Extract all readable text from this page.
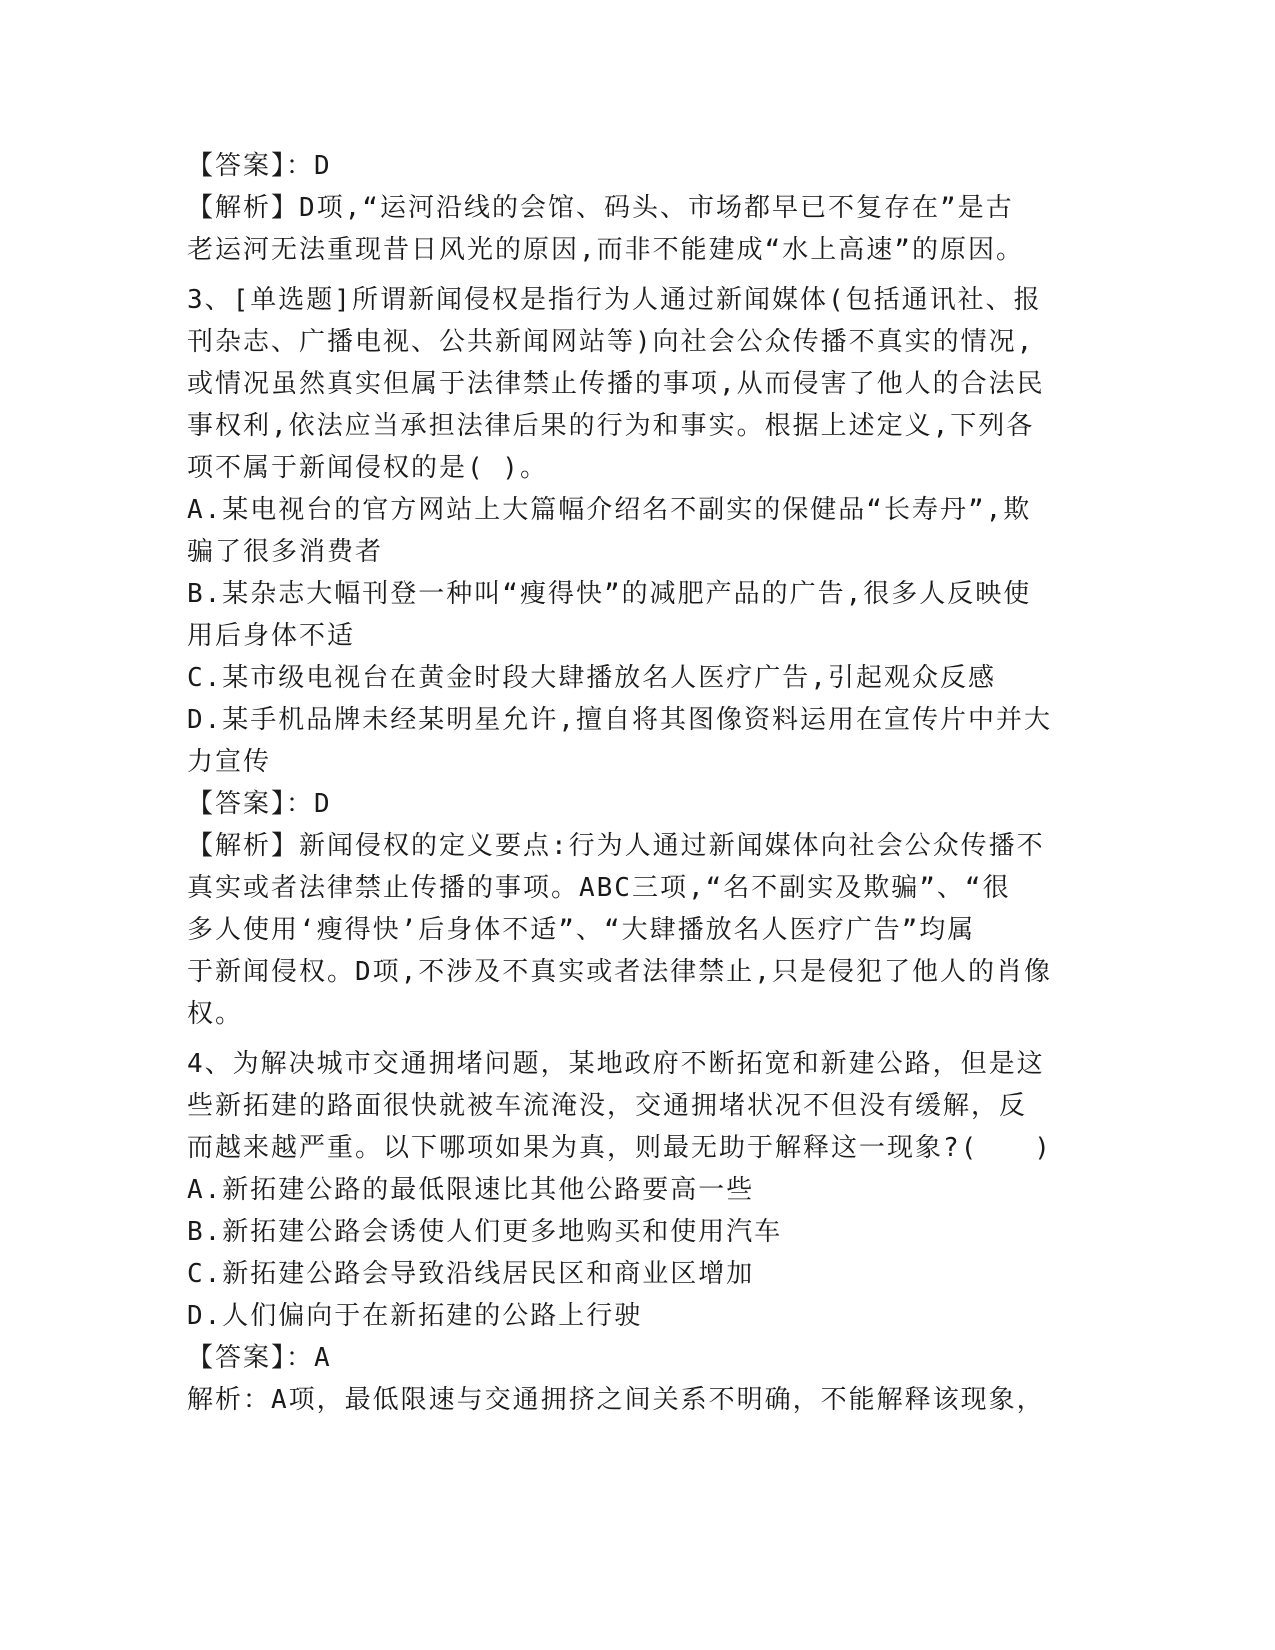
【答案】：D
【解析】D项,“运河沿线的会馆、码头、市场都早已不复存在”是古
老运河无法重现昔日风光的原因,而非不能建成“水上高速”的原因。
3、[单选题]所谓新闻侵权是指行为人通过新闻媒体(包括通讯社、报
刊杂志、广播电视、公共新闻网站等)向社会公众传播不真实的情况,
或情况虽然真实但属于法律禁止传播的事项,从而侵害了他人的合法民
事权利,依法应当承担法律后果的行为和事实。根据上述定义,下列各
项不属于新闻侵权的是( )。
A.某电视台的官方网站上大篇幅介绍名不副实的保健品“长寿丹”,欺
骗了很多消费者
B.某杂志大幅刊登一种叫“瘦得快”的减肥产品的广告,很多人反映使
用后身体不适
C.某市级电视台在黄金时段大肆播放名人医疗广告,引起观众反感
D.某手机品牌未经某明星允许,擅自将其图像资料运用在宣传片中并大
力宣传
【答案】：D
【解析】新闻侵权的定义要点:行为人通过新闻媒体向社会公众传播不
真实或者法律禁止传播的事项。ABC三项,“名不副实及欺骗”、“很
多人使用‘瘦得快’后身体不适”、“大肆播放名人医疗广告”均属
于新闻侵权。D项,不涉及不真实或者法律禁止,只是侵犯了他人的肖像
权。
4、为解决城市交通拥堵问题，某地政府不断拓宽和新建公路，但是这
些新拓建的路面很快就被车流淹没，交通拥堵状况不但没有缓解，反
而越来越严重。以下哪项如果为真，则最无助于解释这一现象?(　　)
A.新拓建公路的最低限速比其他公路要高一些
B.新拓建公路会诱使人们更多地购买和使用汽车
C.新拓建公路会导致沿线居民区和商业区增加
D.人们偏向于在新拓建的公路上行驶
【答案】：A
解析：A项，最低限速与交通拥挤之间关系不明确，不能解释该现象，
